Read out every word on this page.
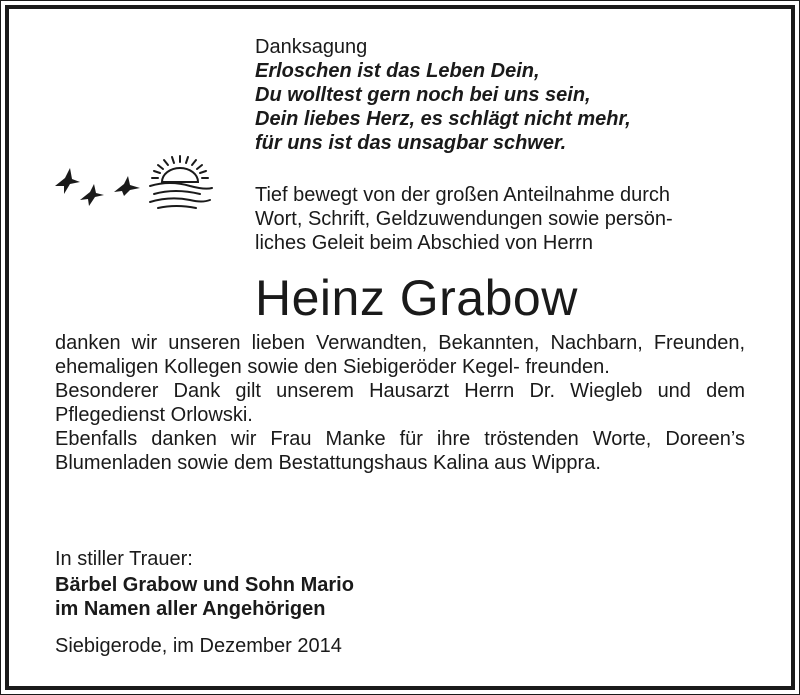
Danksagung
Erloschen ist das Leben Dein,
Du wolltest gern noch bei uns sein,
Dein liebes Herz, es schlägt nicht mehr,
für uns ist das unsagbar schwer.

Tief bewegt von der großen Anteilnahme durch

Wort, Schrift, Geldzuwendungen sowie persön-

liches Geleit beim Abschied von Herrn

Heinz Grabow

danken wir unseren lieben Verwandten, Bekannten, Nachbarn, Freunden, ehemaligen Kollegen sowie den Siebigeröder Kegel- freunden.

Besonderer Dank gilt unserem Hausarzt Herrn Dr. Wiegleb und dem Pflegedienst Orlowski.

Ebenfalls danken wir Frau Manke für ihre tröstenden Worte, Doreen’s Blumenladen sowie dem Bestattungshaus Kalina aus Wippra.

In stiller Trauer:
Bärbel Grabow und Sohn Mario
im Namen aller Angehörigen
Siebigerode, im Dezember 2014
